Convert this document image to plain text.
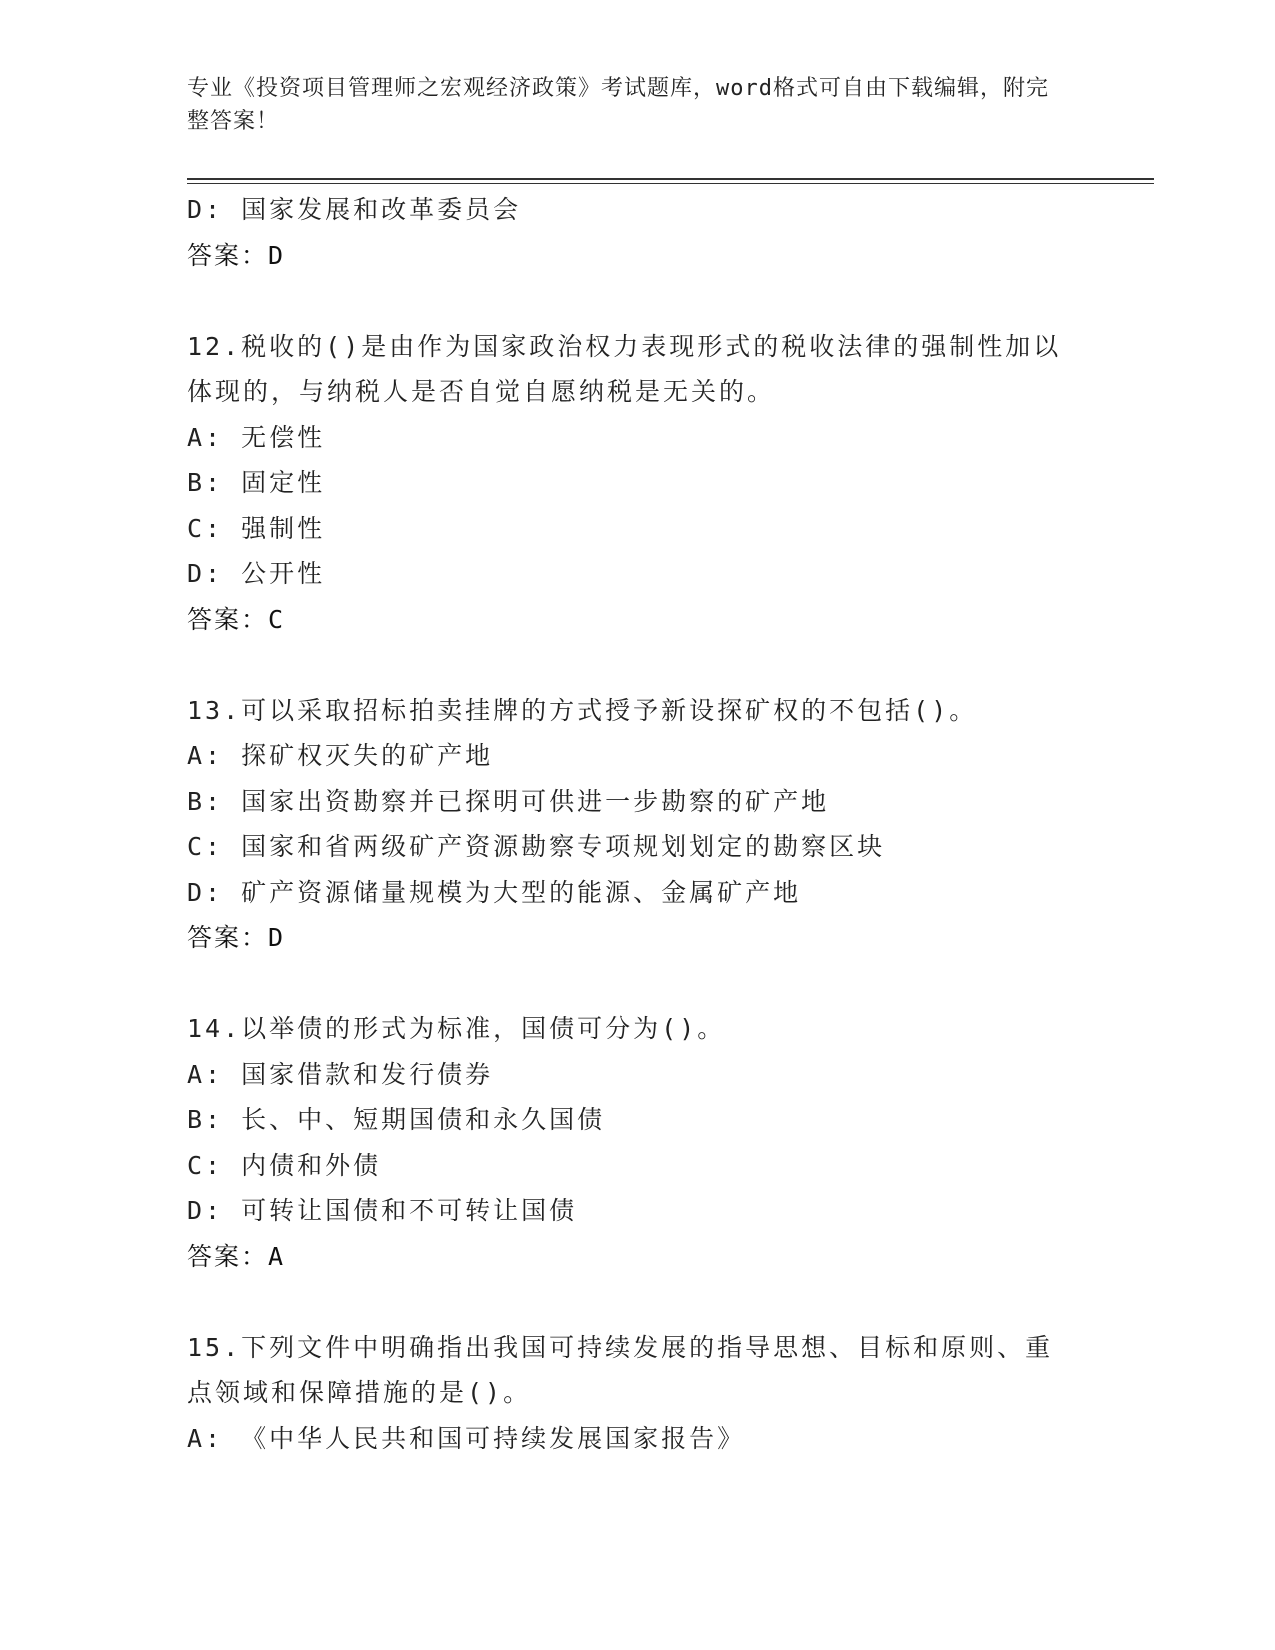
专业《投资项目管理师之宏观经济政策》考试题库，word格式可自由下载编辑，附完整答案！
D: 国家发展和改革委员会
答案：D
12.税收的()是由作为国家政治权力表现形式的税收法律的强制性加以体现的，与纳税人是否自觉自愿纳税是无关的。
A: 无偿性
B: 固定性
C: 强制性
D: 公开性
答案：C
13.可以采取招标拍卖挂牌的方式授予新设探矿权的不包括()。
A: 探矿权灭失的矿产地
B: 国家出资勘察并已探明可供进一步勘察的矿产地
C: 国家和省两级矿产资源勘察专项规划划定的勘察区块
D: 矿产资源储量规模为大型的能源、金属矿产地
答案：D
14.以举债的形式为标准，国债可分为()。
A: 国家借款和发行债券
B: 长、中、短期国债和永久国债
C: 内债和外债
D: 可转让国债和不可转让国债
答案：A
15.下列文件中明确指出我国可持续发展的指导思想、目标和原则、重点领域和保障措施的是()。
A: 《中华人民共和国可持续发展国家报告》
